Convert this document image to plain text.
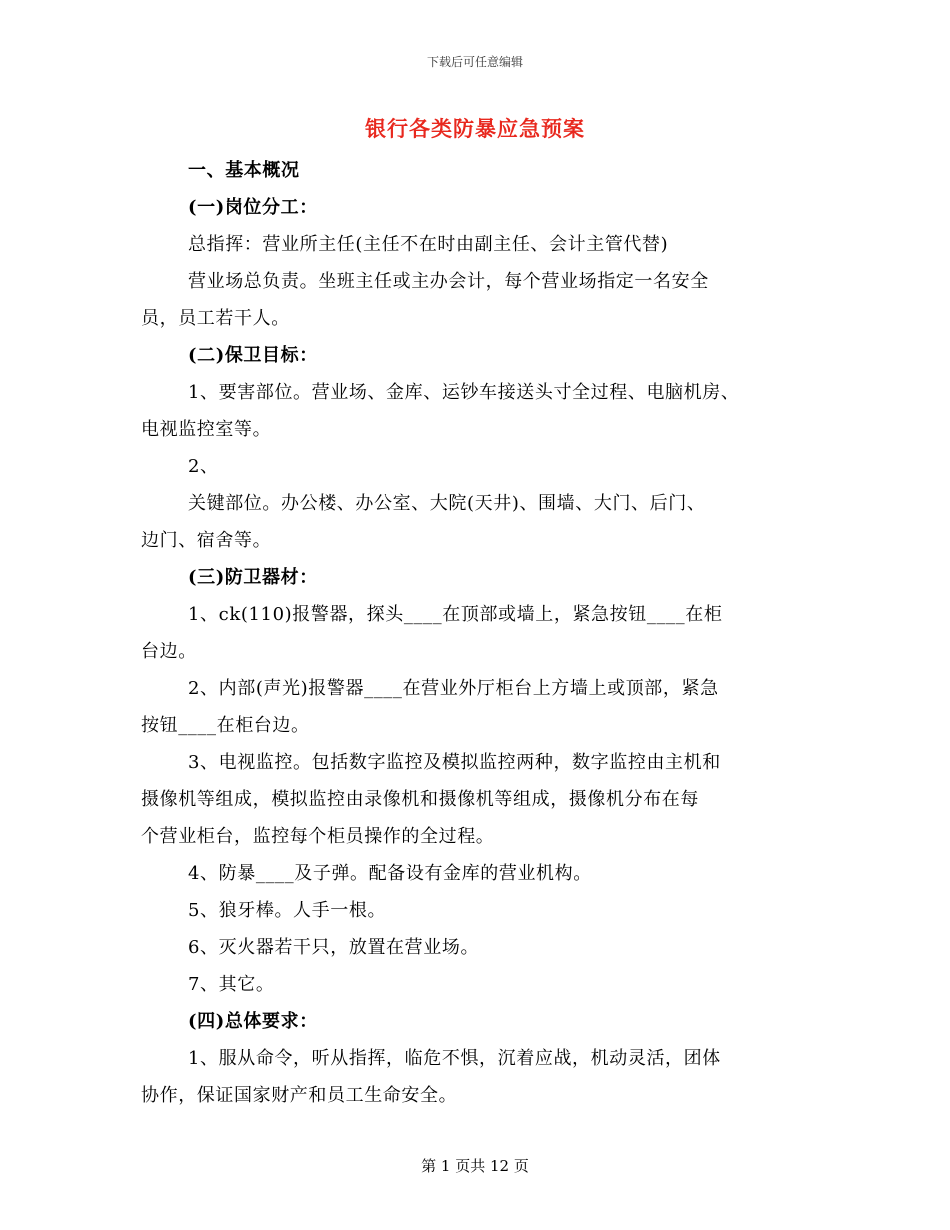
下载后可任意编辑
银行各类防暴应急预案
一、基本概况
(一)岗位分工：
总指挥：营业所主任(主任不在时由副主任、会计主管代替)
营业场总负责。坐班主任或主办会计，每个营业场指定一名安全
员，员工若干人。
(二)保卫目标：
1、要害部位。营业场、金库、运钞车接送头寸全过程、电脑机房、
电视监控室等。
2、
关键部位。办公楼、办公室、大院(天井)、围墙、大门、后门、
边门、宿舍等。
(三)防卫器材：
1、ck(110)报警器，探头____在顶部或墙上，紧急按钮____在柜
台边。
2、内部(声光)报警器____在营业外厅柜台上方墙上或顶部，紧急
按钮____在柜台边。
3、电视监控。包括数字监控及模拟监控两种，数字监控由主机和
摄像机等组成，模拟监控由录像机和摄像机等组成，摄像机分布在每
个营业柜台，监控每个柜员操作的全过程。
4、防暴____及子弹。配备设有金库的营业机构。
5、狼牙棒。人手一根。
6、灭火器若干只，放置在营业场。
7、其它。
(四)总体要求：
1、服从命令，听从指挥，临危不惧，沉着应战，机动灵活，团体
协作，保证国家财产和员工生命安全。
第 1 页共 12 页
